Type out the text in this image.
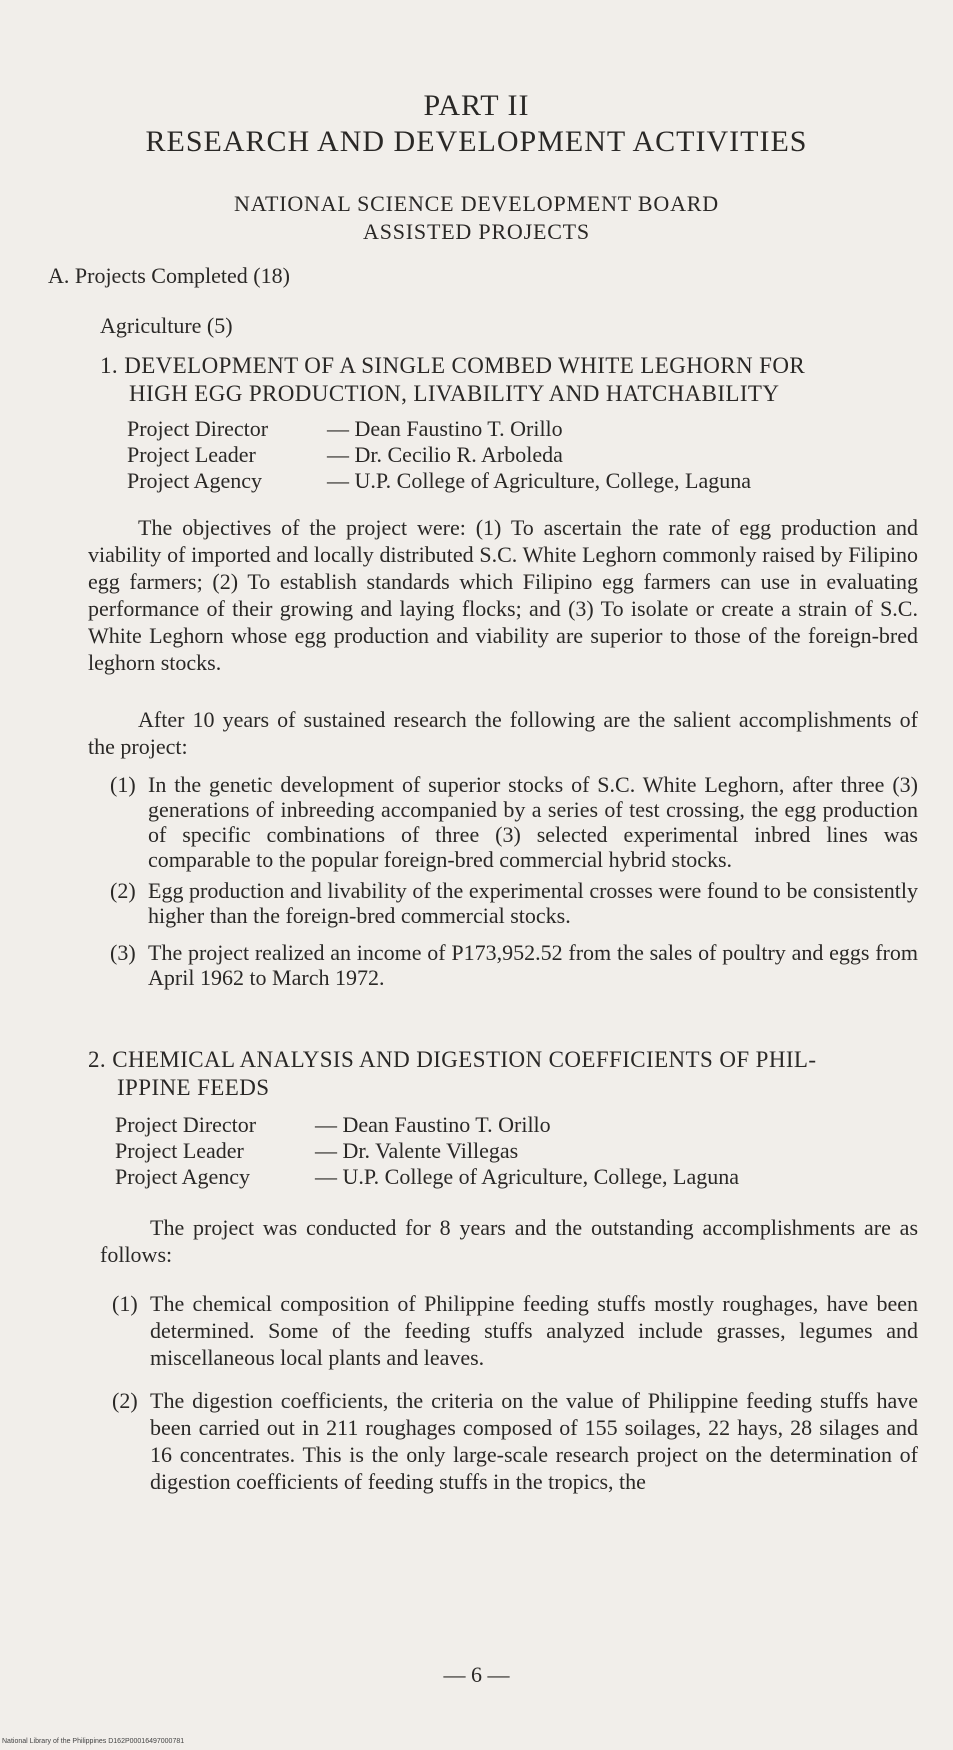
PART II
RESEARCH AND DEVELOPMENT ACTIVITIES
NATIONAL SCIENCE DEVELOPMENT BOARD
ASSISTED PROJECTS
A. Projects Completed (18)
Agriculture (5)
1. DEVELOPMENT OF A SINGLE COMBED WHITE LEGHORN FOR
HIGH EGG PRODUCTION, LIVABILITY AND HATCHABILITY
Project Director	— Dean Faustino T. Orillo
Project Leader	— Dr. Cecilio R. Arboleda
Project Agency	— U.P. College of Agriculture, College, Laguna
The objectives of the project were: (1) To ascertain the rate of egg production and viability of imported and locally distributed S.C. White Leghorn commonly raised by Filipino egg farmers; (2) To establish standards which Filipino egg farmers can use in evaluating performance of their growing and laying flocks; and (3) To isolate or create a strain of S.C. White Leghorn whose egg production and viability are superior to those of the foreign-bred leghorn stocks.
After 10 years of sustained research the following are the salient accomplishments of the project:
(1) In the genetic development of superior stocks of S.C. White Leghorn, after three (3) generations of inbreeding accompanied by a series of test crossing, the egg production of specific combinations of three (3) selected experimental inbred lines was comparable to the popular foreign-bred commercial hybrid stocks.
(2) Egg production and livability of the experimental crosses were found to be consistently higher than the foreign-bred commercial stocks.
(3) The project realized an income of P173,952.52 from the sales of poultry and eggs from April 1962 to March 1972.
2. CHEMICAL ANALYSIS AND DIGESTION COEFFICIENTS OF PHIL-
IPPINE FEEDS
Project Director	— Dean Faustino T. Orillo
Project Leader	— Dr. Valente Villegas
Project Agency	— U.P. College of Agriculture, College, Laguna
The project was conducted for 8 years and the outstanding accomplishments are as follows:
(1) The chemical composition of Philippine feeding stuffs mostly roughages, have been determined. Some of the feeding stuffs analyzed include grasses, legumes and miscellaneous local plants and leaves.
(2) The digestion coefficients, the criteria on the value of Philippine feeding stuffs have been carried out in 211 roughages composed of 155 soilages, 22 hays, 28 silages and 16 concentrates. This is the only large-scale research project on the determination of digestion coefficients of feeding stuffs in the tropics, the
— 6 —
National Library of the Philippines D162P00016497000781
